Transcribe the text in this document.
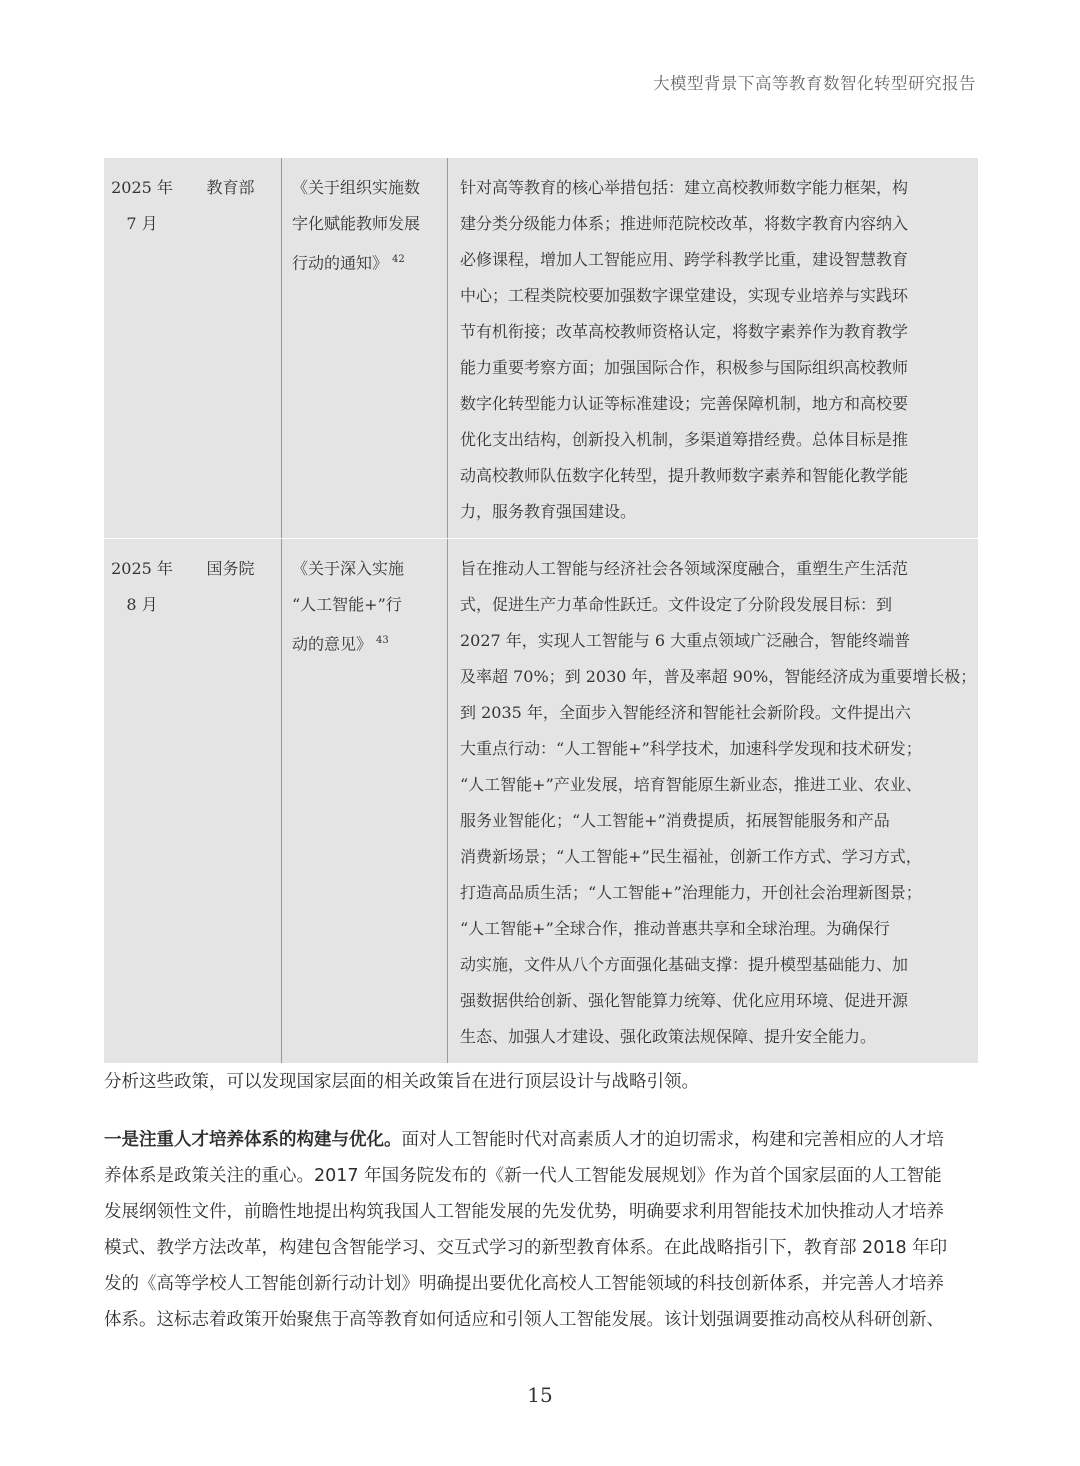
大模型背景下高等教育数智化转型研究报告
2025 年
7 月
教育部	《关于组织实施数
字化赋能教师发展
行动的通知》 $^{42}$
针对高等教育的核心举措包括：建立高校教师数字能力框架，构
建分类分级能力体系；推进师范院校改革，将数字教育内容纳入
必修课程，增加人工智能应用、跨学科教学比重，建设智慧教育
中心；工程类院校要加强数字课堂建设，实现专业培养与实践环
节有机衔接；改革高校教师资格认定，将数字素养作为教育教学
能力重要考察方面；加强国际合作，积极参与国际组织高校教师
数字化转型能力认证等标准建设；完善保障机制，地方和高校要
优化支出结构，创新投入机制，多渠道筹措经费。总体目标是推
动高校教师队伍数字化转型，提升教师数字素养和智能化教学能
力，服务教育强国建设。
2025 年
8 月
国务院	《关于深入实施
“人工智能+”行
动的意见》 $^{43}$
旨在推动人工智能与经济社会各领域深度融合，重塑生产生活范
式，促进生产力革命性跃迁。文件设定了分阶段发展目标：到
2027 年，实现人工智能与 6 大重点领域广泛融合，智能终端普
及率超 70%；到 2030 年，普及率超 90%，智能经济成为重要增长极；
到 2035 年，全面步入智能经济和智能社会新阶段。文件提出六
大重点行动：“人工智能+”科学技术，加速科学发现和技术研发；
“人工智能+”产业发展，培育智能原生新业态，推进工业、农业、
服务业智能化；“人工智能+”消费提质，拓展智能服务和产品
消费新场景；“人工智能+”民生福祉，创新工作方式、学习方式，
打造高品质生活；“人工智能+”治理能力，开创社会治理新图景；
“人工智能+”全球合作，推动普惠共享和全球治理。为确保行
动实施，文件从八个方面强化基础支撑：提升模型基础能力、加
强数据供给创新、强化智能算力统筹、优化应用环境、促进开源
生态、加强人才建设、强化政策法规保障、提升安全能力。
分析这些政策，可以发现国家层面的相关政策旨在进行顶层设计与战略引领。
一是注重人才培养体系的构建与优化。面对人工智能时代对高素质人才的迫切需求，构建和完善相应的人才培
养体系是政策关注的重心。2017 年国务院发布的《新一代人工智能发展规划》作为首个国家层面的人工智能
发展纲领性文件，前瞻性地提出构筑我国人工智能发展的先发优势，明确要求利用智能技术加快推动人才培养
模式、教学方法改革，构建包含智能学习、交互式学习的新型教育体系。在此战略指引下，教育部 2018 年印
发的《高等学校人工智能创新行动计划》明确提出要优化高校人工智能领域的科技创新体系，并完善人才培养
体系。这标志着政策开始聚焦于高等教育如何适应和引领人工智能发展。该计划强调要推动高校从科研创新、
15
